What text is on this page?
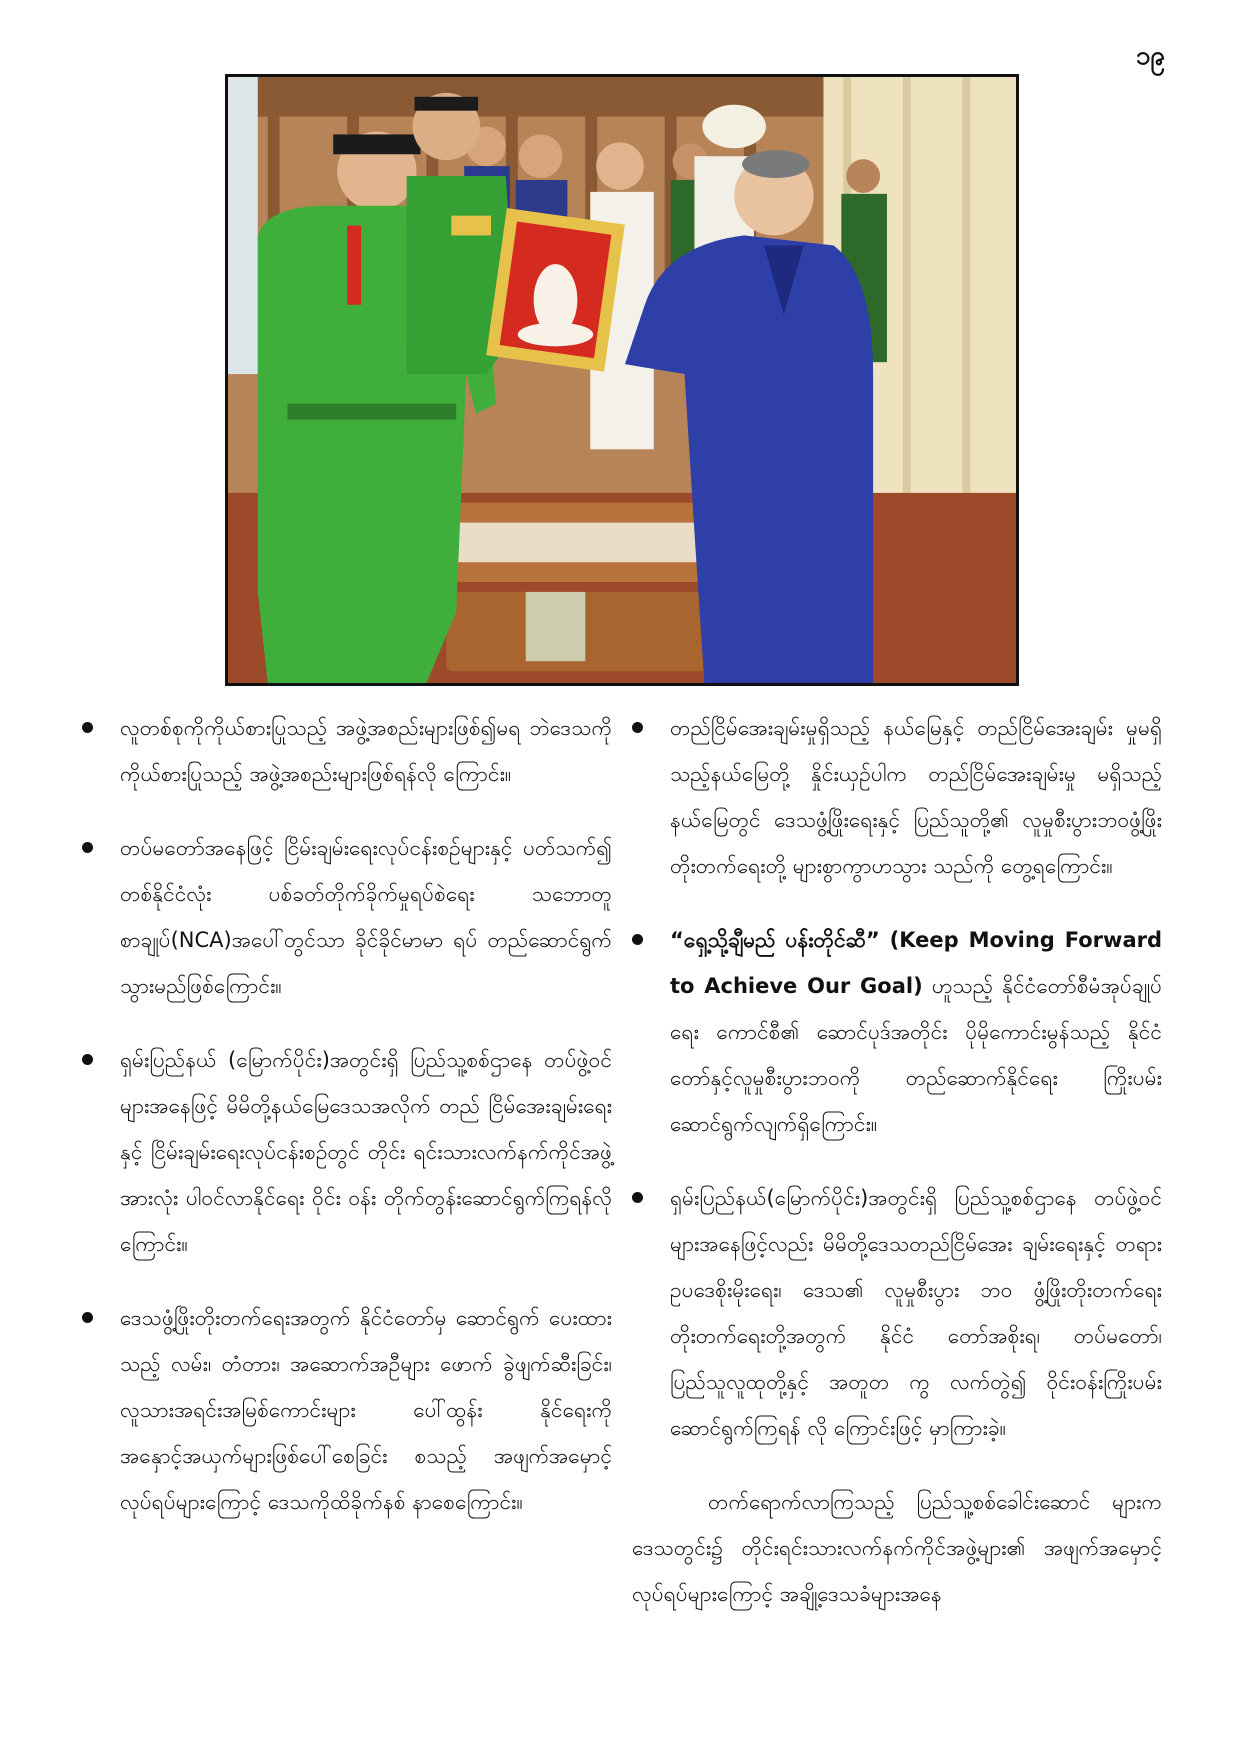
၁၉
လူတစ်စုကိုကိုယ်စားပြုသည့် အဖွဲ့အစည်းများဖြစ်၍မရ ဘဲဒေသကို ကိုယ်စားပြုသည့် အဖွဲ့အစည်းများဖြစ်ရန်လို ကြောင်း။
တပ်မတော်အနေဖြင့် ငြိမ်းချမ်းရေးလုပ်ငန်းစဉ်များနှင့် ပတ်သက်၍ တစ်နိုင်ငံလုံး ပစ်ခတ်တိုက်ခိုက်မှုရပ်စဲရေး သဘောတူစာချုပ်(NCA)အပေါ်တွင်သာ ခိုင်ခိုင်မာမာ ရပ် တည်ဆောင်ရွက်သွားမည်ဖြစ်ကြောင်း။
ရှမ်းပြည်နယ် (မြောက်ပိုင်း)အတွင်းရှိ ပြည်သူ့စစ်ဌာနေ တပ်ဖွဲ့ဝင်များအနေဖြင့် မိမိတို့နယ်မြေဒေသအလိုက် တည် ငြိမ်အေးချမ်းရေးနှင့် ငြိမ်းချမ်းရေးလုပ်ငန်းစဉ်တွင် တိုင်း ရင်းသားလက်နက်ကိုင်အဖွဲ့အားလုံး ပါဝင်လာနိုင်ရေး ဝိုင်း ဝန်း တိုက်တွန်းဆောင်ရွက်ကြရန်လိုကြောင်း။
ဒေသဖွံ့ဖြိုးတိုးတက်ရေးအတွက် နိုင်ငံတော်မှ ဆောင်ရွက် ပေးထားသည့် လမ်း၊ တံတား၊ အဆောက်အဦများ ဖောက် ခွဲဖျက်ဆီးခြင်း၊ လူသားအရင်းအမြစ်ကောင်းများ ပေါ်ထွန်း နိုင်ရေးကို အနှောင့်အယှက်များဖြစ်ပေါ်စေခြင်း စသည့် အဖျက်အမှောင့်လုပ်ရပ်များကြောင့် ဒေသကိုထိခိုက်နစ် နာစေကြောင်း။
တည်ငြိမ်အေးချမ်းမှုရှိသည့် နယ်မြေနှင့် တည်ငြိမ်အေးချမ်း မှုမရှိသည့်နယ်မြေတို့ နှိုင်းယှဉ်ပါက တည်ငြိမ်အေးချမ်းမှု မရှိသည့်နယ်မြေတွင် ဒေသဖွံ့ဖြိုးရေးနှင့် ပြည်သူတို့၏ လူမှုစီးပွားဘဝဖွံ့ဖြိုးတိုးတက်ရေးတို့ များစွာကွာဟသွား သည်ကို တွေ့ရကြောင်း။
“ရှေ့သို့ချီမည် ပန်းတိုင်ဆီ” (Keep Moving Forward to Achieve Our Goal) ဟူသည့် နိုင်ငံတော်စီမံအုပ်ချုပ်ရေး ကောင်စီ၏ ဆောင်ပုဒ်အတိုင်း ပိုမိုကောင်းမွန်သည့် နိုင်ငံ တော်နှင့်လူမှုစီးပွားဘဝကို တည်ဆောက်နိုင်ရေး ကြိုးပမ်း ဆောင်ရွက်လျက်ရှိကြောင်း။
ရှမ်းပြည်နယ်(မြောက်ပိုင်း)အတွင်းရှိ ပြည်သူ့စစ်ဌာနေ တပ်ဖွဲ့ဝင်များအနေဖြင့်လည်း မိမိတို့ဒေသတည်ငြိမ်အေး ချမ်းရေးနှင့် တရားဥပဒေစိုးမိုးရေး၊ ဒေသ၏ လူမှုစီးပွား ဘဝ ဖွံ့ဖြိုးတိုးတက်ရေးတိုးတက်ရေးတို့အတွက် နိုင်ငံ တော်အစိုးရ၊ တပ်မတော်၊ ပြည်သူလူထုတို့နှင့် အတူတ ကွ လက်တွဲ၍ ဝိုင်းဝန်းကြိုးပမ်းဆောင်ရွက်ကြရန် လို ကြောင်းဖြင့် မှာကြားခဲ့။

တက်ရောက်လာကြသည့် ပြည်သူ့စစ်ခေါင်းဆောင် များက ဒေသတွင်း၌ တိုင်းရင်းသားလက်နက်ကိုင်အဖွဲ့များ၏ အဖျက်အမှောင့်လုပ်ရပ်များကြောင့် အချို့ဒေသခံများအနေ
